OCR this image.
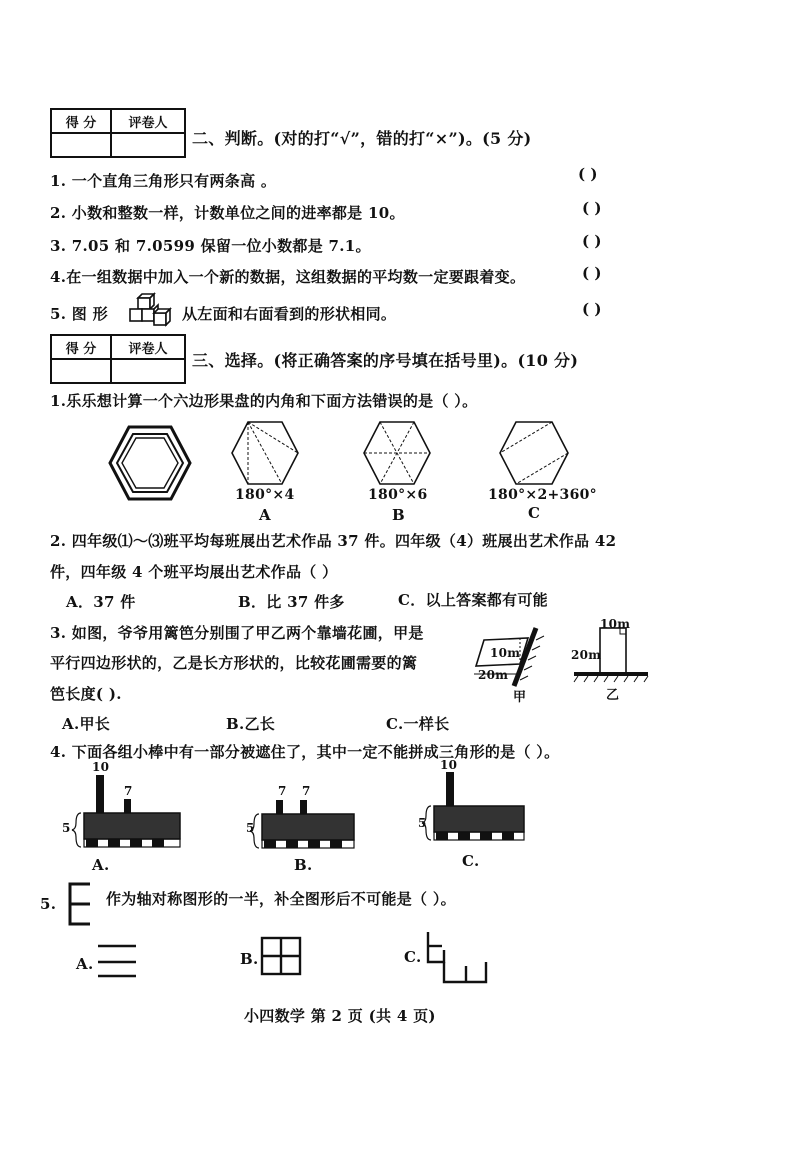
得 分	评卷人

二、判断。(对的打“√”，错的打“×”)。(5 分)
1. 一个直角三角形只有两条高 。	( )
2. 小数和整数一样，计数单位之间的进率都是 10。	( )
3. 7.05 和 7.0599 保留一位小数都是 7.1。	( )
4.在一组数据中加入一个新的数据，这组数据的平均数一定要跟着变。	( )
5. 图 形	从左面和右面看到的形状相同。	( )
得 分	评卷人

三、选择。(将正确答案的序号填在括号里)。(10 分)
1.乐乐想计算一个六边形果盘的内角和下面方法错误的是（ ）。
180°×4
A
180°×6
B
180°×2+360°
C
2. 四年级⑴～⑶班平均每班展出艺术作品 37 件。四年级（4）班展出艺术作品 42
件，四年级 4 个班平均展出艺术作品（ ）
A．37 件	B．比 37 件多	C．以上答案都有可能
3. 如图，爷爷用篱笆分别围了甲乙两个靠墙花圃，甲是
平行四边形状的，乙是长方形状的，比较花圃需要的篱
笆长度( ).
A.甲长	B.乙长	C.一样长
10m
20m
甲
10m
20m
乙
4. 下面各组小棒中有一部分被遮住了，其中一定不能拼成三角形的是（ ）。
10
7
5
A.
7 7
5
B.
10
5
C.
5.	作为轴对称图形的一半，补全图形后不可能是（ ）。
A.	B.	C.
小四数学 第 2 页 (共 4 页)
